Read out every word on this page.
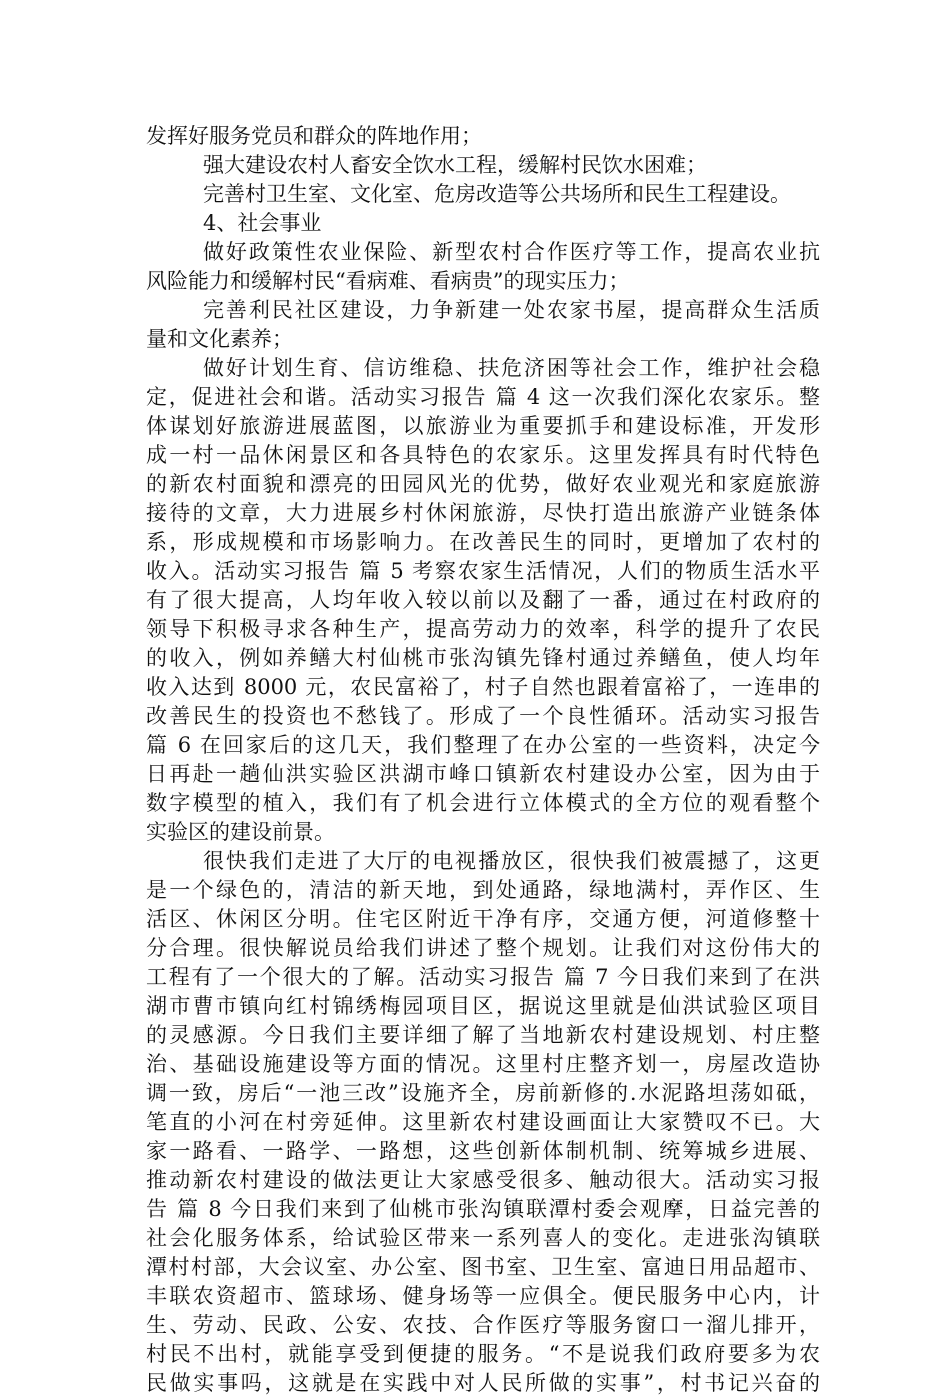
发挥好服务党员和群众的阵地作用；
强大建设农村人畜安全饮水工程，缓解村民饮水困难；
完善村卫生室、文化室、危房改造等公共场所和民生工程建设。
4、社会事业
做好政策性农业保险、新型农村合作医疗等工作，提高农业抗
风险能力和缓解村民“看病难、看病贵”的现实压力；
完善利民社区建设，力争新建一处农家书屋，提高群众生活质
量和文化素养；
做好计划生育、信访维稳、扶危济困等社会工作，维护社会稳
定，促进社会和谐。活动实习报告 篇 4 这一次我们深化农家乐。整
体谋划好旅游进展蓝图，以旅游业为重要抓手和建设标准，开发形
成一村一品休闲景区和各具特色的农家乐。这里发挥具有时代特色
的新农村面貌和漂亮的田园风光的优势，做好农业观光和家庭旅游
接待的文章，大力进展乡村休闲旅游，尽快打造出旅游产业链条体
系，形成规模和市场影响力。在改善民生的同时，更增加了农村的
收入。活动实习报告 篇 5 考察农家生活情况，人们的物质生活水平
有了很大提高，人均年收入较以前以及翻了一番，通过在村政府的
领导下积极寻求各种生产，提高劳动力的效率，科学的提升了农民
的收入，例如养鳝大村仙桃市张沟镇先锋村通过养鳝鱼，使人均年
收入达到 8000 元，农民富裕了，村子自然也跟着富裕了，一连串的
改善民生的投资也不愁钱了。形成了一个良性循环。活动实习报告
篇 6 在回家后的这几天，我们整理了在办公室的一些资料，决定今
日再赴一趟仙洪实验区洪湖市峰口镇新农村建设办公室，因为由于
数字模型的植入，我们有了机会进行立体模式的全方位的观看整个
实验区的建设前景。
很快我们走进了大厅的电视播放区，很快我们被震撼了，这更
是一个绿色的，清洁的新天地，到处通路，绿地满村，弄作区、生
活区、休闲区分明。住宅区附近干净有序，交通方便，河道修整十
分合理。很快解说员给我们讲述了整个规划。让我们对这份伟大的
工程有了一个很大的了解。活动实习报告 篇 7 今日我们来到了在洪
湖市曹市镇向红村锦绣梅园项目区，据说这里就是仙洪试验区项目
的灵感源。今日我们主要详细了解了当地新农村建设规划、村庄整
治、基础设施建设等方面的情况。这里村庄整齐划一，房屋改造协
调一致，房后“一池三改”设施齐全，房前新修的.水泥路坦荡如砥，
笔直的小河在村旁延伸。这里新农村建设画面让大家赞叹不已。大
家一路看、一路学、一路想，这些创新体制机制、统筹城乡进展、
推动新农村建设的做法更让大家感受很多、触动很大。活动实习报
告 篇 8 今日我们来到了仙桃市张沟镇联潭村委会观摩，日益完善的
社会化服务体系，给试验区带来一系列喜人的变化。走进张沟镇联
潭村村部，大会议室、办公室、图书室、卫生室、富迪日用品超市、
丰联农资超市、篮球场、健身场等一应俱全。便民服务中心内，计
生、劳动、民政、公安、农技、合作医疗等服务窗口一溜儿排开，
村民不出村，就能享受到便捷的服务。“不是说我们政府要多为农
民做实事吗，这就是在实践中对人民所做的实事”，村书记兴奋的
